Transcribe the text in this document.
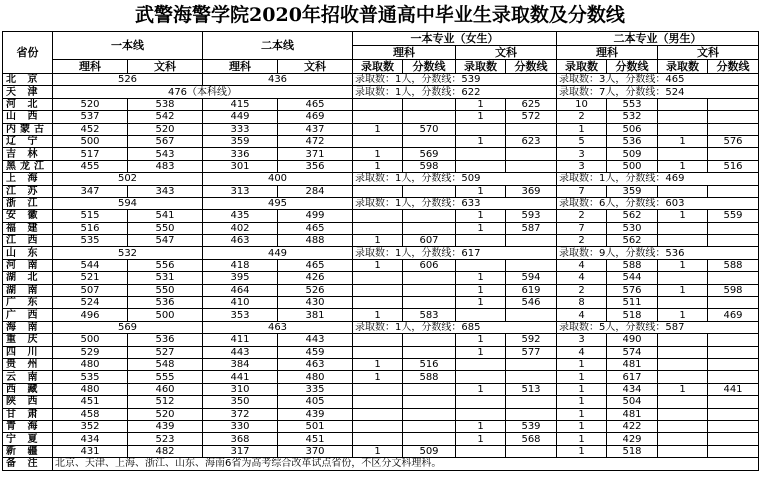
武警海警学院2020年招收普通高中毕业生录取数及分数线
省份	一本线		二本线		一本专业（女生）				二本专业（男生）			
					理科		文科		理科		文科	
	理科	文科	理科	文科	录取数	分数线	录取数	分数线	录取数	分数线	录取数	分数线
北 京	526		436		录取数：1人，分数线：539				录取数：3人，分数线：465			
天 津	476（本科线）				录取数：1人，分数线：622				录取数：7人，分数线：524			
河 北	520	538	415	465			1	625	10	553		
山 西	537	542	449	469			1	572	2	532		
内蒙古	452	520	333	437	1	570			1	506		
辽 宁	500	567	359	472			1	623	5	536	1	576
吉 林	517	543	336	371	1	569			3	509		
黑龙江	455	483	301	356	1	598			3	500	1	516
上 海	502		400		录取数：1人，分数线：509				录取数：1人，分数线：469			
江 苏	347	343	313	284			1	369	7	359		
浙 江	594		495		录取数：1人，分数线：633				录取数：6人，分数线：603			
安 徽	515	541	435	499			1	593	2	562	1	559
福 建	516	550	402	465			1	587	7	530		
江 西	535	547	463	488	1	607			2	562		
山 东	532		449		录取数：1人，分数线：617				录取数：9人，分数线：536			
河 南	544	556	418	465	1	606			4	588	1	588
湖 北	521	531	395	426			1	594	4	544		
湖 南	507	550	464	526			1	619	2	576	1	598
广 东	524	536	410	430			1	546	8	511		
广 西	496	500	353	381	1	583			4	518	1	469
海 南	569		463		录取数：1人，分数线：685				录取数：5人，分数线：587			
重 庆	500	536	411	443			1	592	3	490		
四 川	529	527	443	459			1	577	4	574		
贵 州	480	548	384	463	1	516			1	481		
云 南	535	555	441	480	1	588			1	617		
西 藏	480	460	310	335			1	513	1	434	1	441
陕 西	451	512	350	405					1	504		
甘 肃	458	520	372	439					1	481		
青 海	352	439	330	501			1	539	1	422		
宁 夏	434	523	368	451			1	568	1	429		
新 疆	431	482	317	370	1	509			1	518		
备 注	北京、天津、上海、浙江、山东、海南6省为高考综合改革试点省份，不区分文科理科。											
